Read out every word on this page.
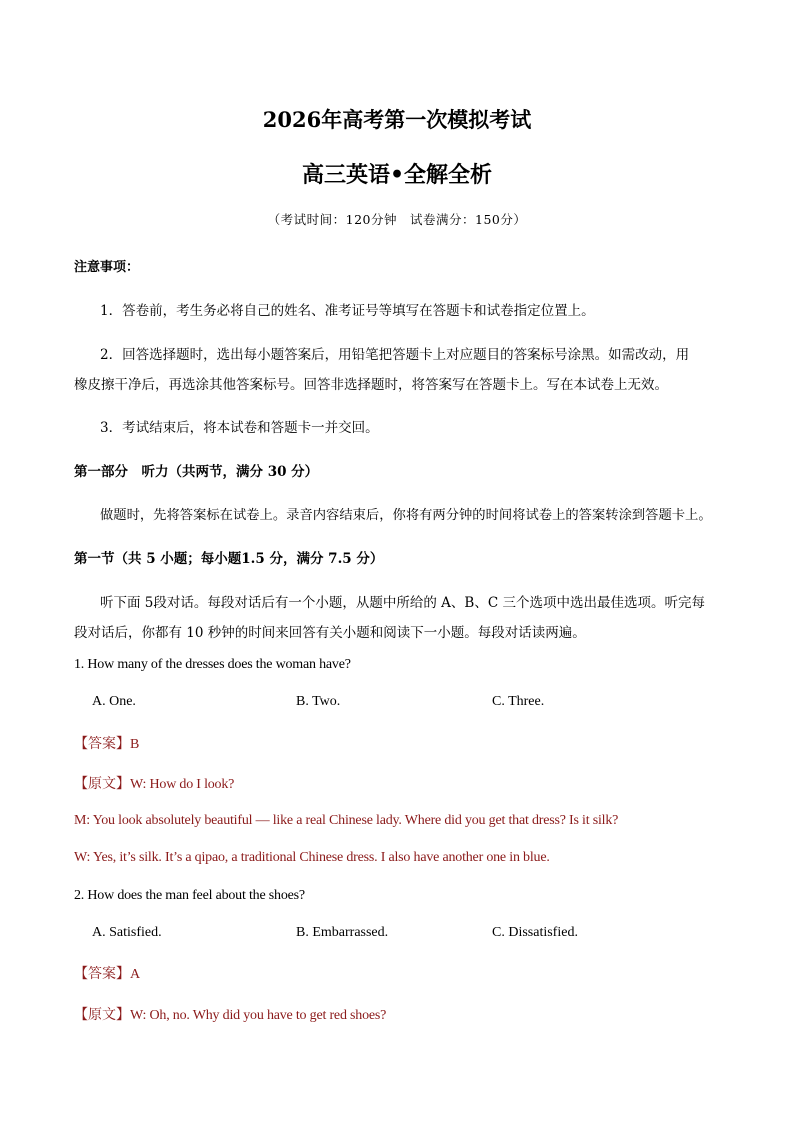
2026年高考第一次模拟考试
高三英语•全解全析
（考试时间：120分钟　试卷满分：150分）
注意事项：
1．答卷前，考生务必将自己的姓名、准考证号等填写在答题卡和试卷指定位置上。
2．回答选择题时，选出每小题答案后，用铅笔把答题卡上对应题目的答案标号涂黑。如需改动，用
橡皮擦干净后，再选涂其他答案标号。回答非选择题时，将答案写在答题卡上。写在本试卷上无效。
3．考试结束后，将本试卷和答题卡一并交回。
第一部分　听力（共两节，满分 30 分）
做题时，先将答案标在试卷上。录音内容结束后，你将有两分钟的时间将试卷上的答案转涂到答题卡上。
第一节（共 5 小题；每小题1.5 分，满分 7.5 分）
听下面 5段对话。每段对话后有一个小题，从题中所给的 A、B、C 三个选项中选出最佳选项。听完每
段对话后，你都有 10 秒钟的时间来回答有关小题和阅读下一小题。每段对话读两遍。
1. How many of the dresses does the woman have?
A. One.	B. Two.	C. Three.
【答案】B
【原文】W: How do I look?
M: You look absolutely beautiful — like a real Chinese lady. Where did you get that dress? Is it silk?
W: Yes, it’s silk. It’s a qipao, a traditional Chinese dress. I also have another one in blue.
2. How does the man feel about the shoes?
A. Satisfied.	B. Embarrassed.	C. Dissatisfied.
【答案】A
【原文】W: Oh, no. Why did you have to get red shoes?
